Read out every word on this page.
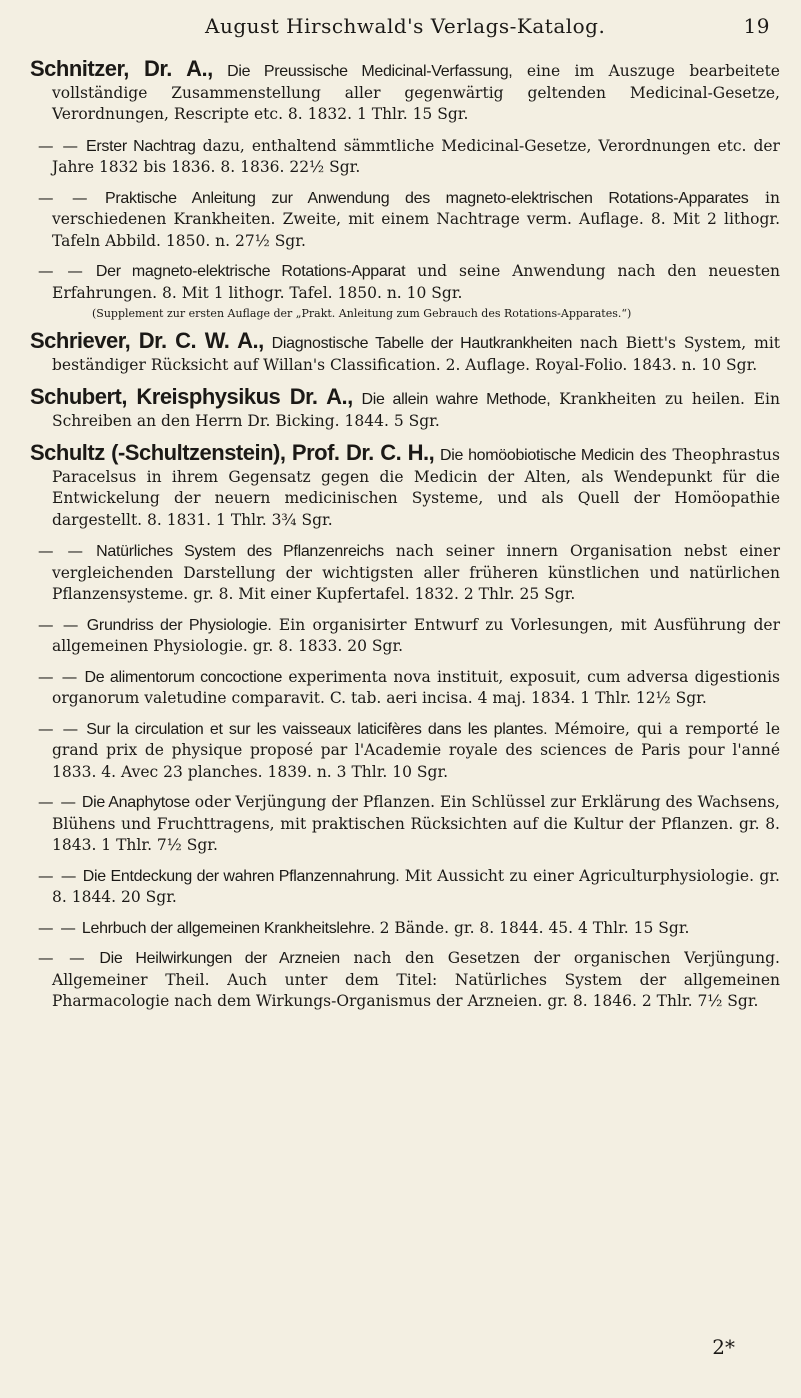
August Hirschwald's Verlags-Katalog.	19
Schnitzer, Dr. A., Die Preussische Medicinal-Verfassung, eine im Auszuge bearbeitete vollständige Zusammenstellung aller gegenwärtig geltenden Medicinal-Gesetze, Verordnungen, Rescripte etc. 8. 1832. 1 Thlr. 15 Sgr.
— — Erster Nachtrag dazu, enthaltend sämmtliche Medicinal-Gesetze, Verordnungen etc. der Jahre 1832 bis 1836. 8. 1836. 22½ Sgr.
— — Praktische Anleitung zur Anwendung des magneto-elektrischen Rotations-Apparates in verschiedenen Krankheiten. Zweite, mit einem Nachtrage verm. Auflage. 8. Mit 2 lithogr. Tafeln Abbild. 1850. n. 27½ Sgr.
— — Der magneto-elektrische Rotations-Apparat und seine Anwendung nach den neuesten Erfahrungen. 8. Mit 1 lithogr. Tafel. 1850. n. 10 Sgr.
(Supplement zur ersten Auflage der „Prakt. Anleitung zum Gebrauch des Rotations-Apparates.“)
Schriever, Dr. C. W. A., Diagnostische Tabelle der Hautkrankheiten nach Biett's System, mit beständiger Rücksicht auf Willan's Classification. 2. Auflage. Royal-Folio. 1843. n. 10 Sgr.
Schubert, Kreisphysikus Dr. A., Die allein wahre Methode, Krankheiten zu heilen. Ein Schreiben an den Herrn Dr. Bicking. 1844. 5 Sgr.
Schultz (-Schultzenstein), Prof. Dr. C. H., Die homöobiotische Medicin des Theophrastus Paracelsus in ihrem Gegensatz gegen die Medicin der Alten, als Wendepunkt für die Entwickelung der neuern medicinischen Systeme, und als Quell der Homöopathie dargestellt. 8. 1831. 1 Thlr. 3¾ Sgr.
— — Natürliches System des Pflanzenreichs nach seiner innern Organisation nebst einer vergleichenden Darstellung der wichtigsten aller früheren künstlichen und natürlichen Pflanzensysteme. gr. 8. Mit einer Kupfertafel. 1832. 2 Thlr. 25 Sgr.
— — Grundriss der Physiologie. Ein organisirter Entwurf zu Vorlesungen, mit Ausführung der allgemeinen Physiologie. gr. 8. 1833. 20 Sgr.
— — De alimentorum concoctione experimenta nova instituit, exposuit, cum adversa digestionis organorum valetudine comparavit. C. tab. aeri incisa. 4 maj. 1834. 1 Thlr. 12½ Sgr.
— — Sur la circulation et sur les vaisseaux laticifères dans les plantes. Mémoire, qui a remporté le grand prix de physique proposé par l'Academie royale des sciences de Paris pour l'anné 1833. 4. Avec 23 planches. 1839. n. 3 Thlr. 10 Sgr.
— — Die Anaphytose oder Verjüngung der Pflanzen. Ein Schlüssel zur Erklärung des Wachsens, Blühens und Fruchttragens, mit praktischen Rücksichten auf die Kultur der Pflanzen. gr. 8. 1843. 1 Thlr. 7½ Sgr.
— — Die Entdeckung der wahren Pflanzennahrung. Mit Aussicht zu einer Agriculturphysiologie. gr. 8. 1844. 20 Sgr.
— — Lehrbuch der allgemeinen Krankheitslehre. 2 Bände. gr. 8. 1844. 45. 4 Thlr. 15 Sgr.
— — Die Heilwirkungen der Arzneien nach den Gesetzen der organischen Verjüngung. Allgemeiner Theil. Auch unter dem Titel: Natürliches System der allgemeinen Pharmacologie nach dem Wirkungs-Organismus der Arzneien. gr. 8. 1846. 2 Thlr. 7½ Sgr.
2*
